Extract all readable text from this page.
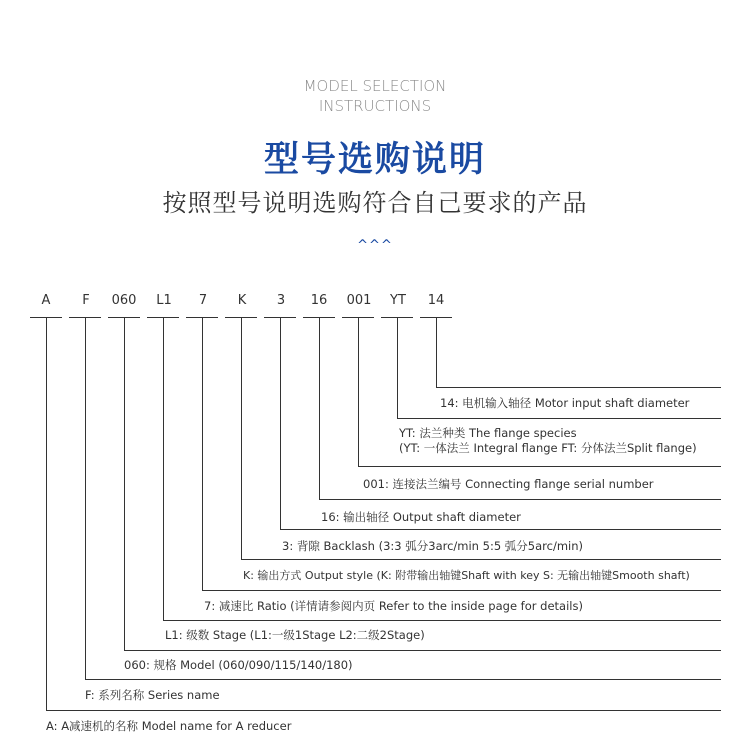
MODEL SELECTION
INSTRUCTIONS
型号选购说明
按照型号说明选购符合自己要求的产品
^^^
A	F	060	L1	7	K	3	16	001	YT	14
14: 电机输入轴径 Motor input shaft diameter
YT: 法兰种类 The flange species
(YT: 一体法兰 Integral flange FT: 分体法兰Split flange)
001: 连接法兰编号 Connecting flange serial number
16: 输出轴径 Output shaft diameter
3: 背隙 Backlash (3:3 弧分3arc/min 5:5 弧分5arc/min)
K: 输出方式 Output style (K: 附带输出轴键Shaft with key S: 无输出轴键Smooth shaft)
7: 减速比 Ratio (详情请参阅内页 Refer to the inside page for details)
L1: 级数 Stage (L1:一级1Stage L2:二级2Stage)
060: 规格 Model (060/090/115/140/180)
F: 系列名称 Series name
A: A减速机的名称 Model name for A reducer
